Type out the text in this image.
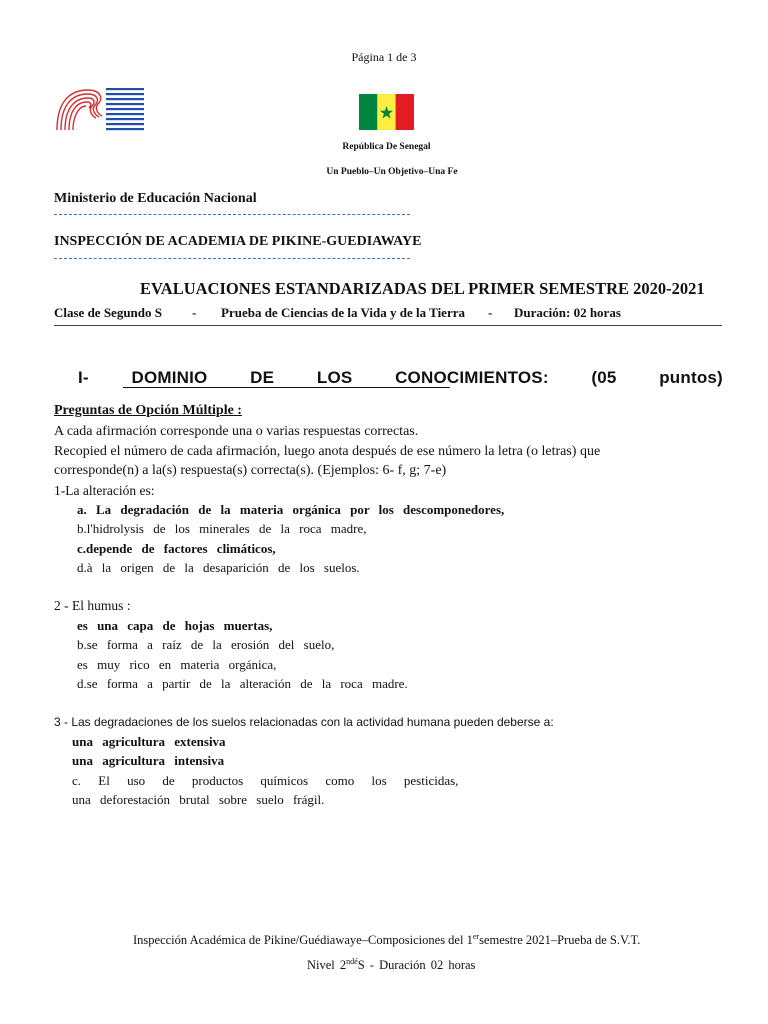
Página 1 de 3
República De Senegal
Un Pueblo–Un Objetivo–Una Fe
Ministerio de Educación Nacional
INSPECCIÓN DE ACADEMIA DE PIKINE-GUEDIAWAYE
EVALUACIONES ESTANDARIZADAS DEL PRIMER SEMESTRE 2020-2021
Clase de Segundo S - Prueba de Ciencias de la Vida y de la Tierra - Duración: 02 horas
I-	DOMINIO	DE	LOS	CONOCIMIENTOS:	(05	puntos)
Preguntas de Opción Múltiple :
A cada afirmación corresponde una o varias respuestas correctas.
Recopied el número de cada afirmación, luego anota después de ese número la letra (o letras) que
corresponde(n) a la(s) respuesta(s) correcta(s). (Ejemplos: 6- f, g; 7-e)
1-La alteración es:
a. La degradación de la materia orgánica por los descomponedores,
b.l'hidrolysis de los minerales de la roca madre,
c.depende de factores climáticos,
d.à la origen de la desaparición de los suelos.
2 - El humus :
es una capa de hojas muertas,
b.se forma a raíz de la erosión del suelo,
es muy rico en materia orgánica,
d.se forma a partir de la alteración de la roca madre.
3 - Las degradaciones de los suelos relacionadas con la actividad humana pueden deberse a:
una agricultura extensiva
una agricultura intensiva
c. El uso de productos químicos como los pesticidas,
una deforestación brutal sobre suelo frágil.
Inspección Académica de Pikine/Guédiawaye–Composiciones del 1ersemestre 2021–Prueba de S.V.T.
Nivel $2^{ndé}S$ - Duración 02 horas
